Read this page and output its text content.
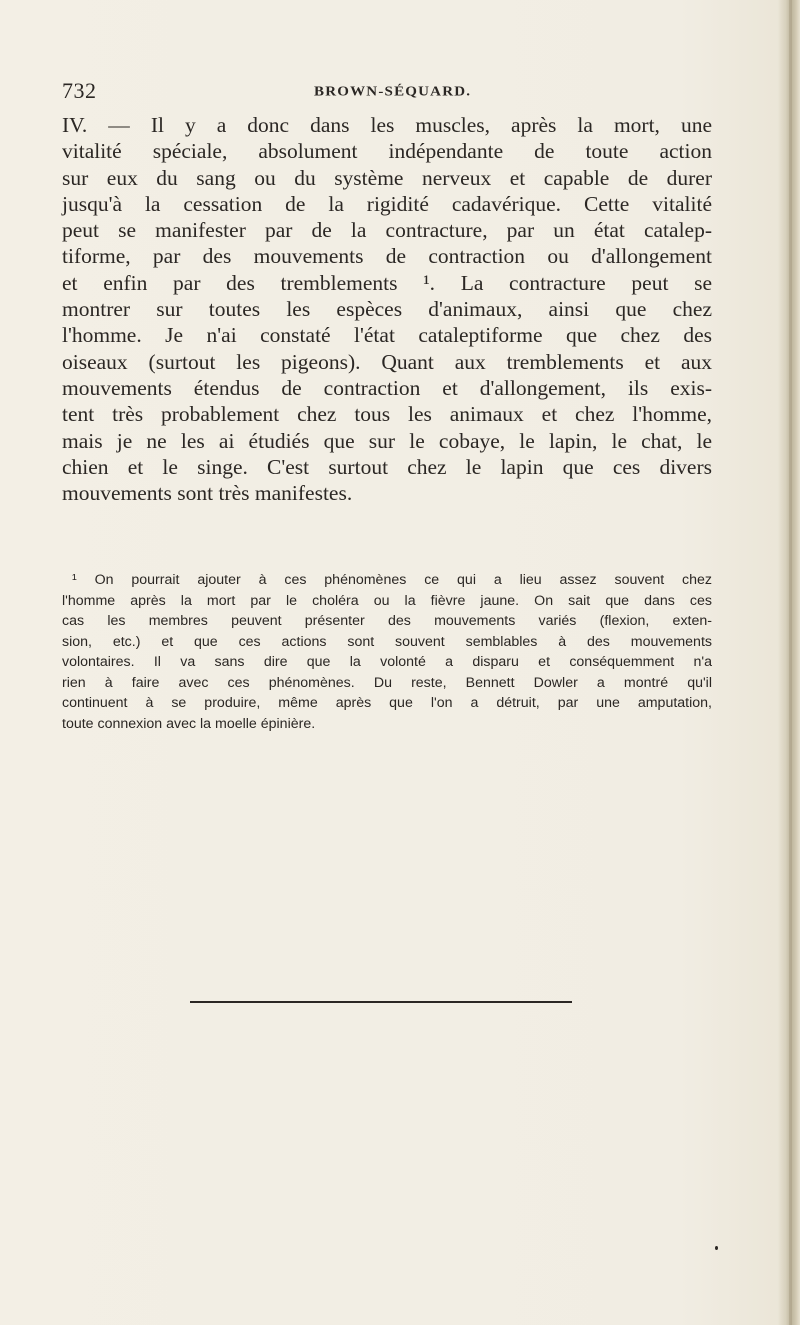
732	BROWN-SÉQUARD.
IV. — Il y a donc dans les muscles, après la mort, une
vitalité spéciale, absolument indépendante de toute action
sur eux du sang ou du système nerveux et capable de durer
jusqu'à la cessation de la rigidité cadavérique. Cette vitalité
peut se manifester par de la contracture, par un état catalep-
tiforme, par des mouvements de contraction ou d'allongement
et enfin par des tremblements ¹. La contracture peut se
montrer sur toutes les espèces d'animaux, ainsi que chez
l'homme. Je n'ai constaté l'état cataleptiforme que chez des
oiseaux (surtout les pigeons). Quant aux tremblements et aux
mouvements étendus de contraction et d'allongement, ils exis-
tent très probablement chez tous les animaux et chez l'homme,
mais je ne les ai étudiés que sur le cobaye, le lapin, le chat, le
chien et le singe. C'est surtout chez le lapin que ces divers
mouvements sont très manifestes.
¹ On pourrait ajouter à ces phénomènes ce qui a lieu assez souvent chez
l'homme après la mort par le choléra ou la fièvre jaune. On sait que dans ces
cas les membres peuvent présenter des mouvements variés (flexion, exten-
sion, etc.) et que ces actions sont souvent semblables à des mouvements
volontaires. Il va sans dire que la volonté a disparu et conséquemment n'a
rien à faire avec ces phénomènes. Du reste, Bennett Dowler a montré qu'il
continuent à se produire, même après que l'on a détruit, par une amputation,
toute connexion avec la moelle épinière.
